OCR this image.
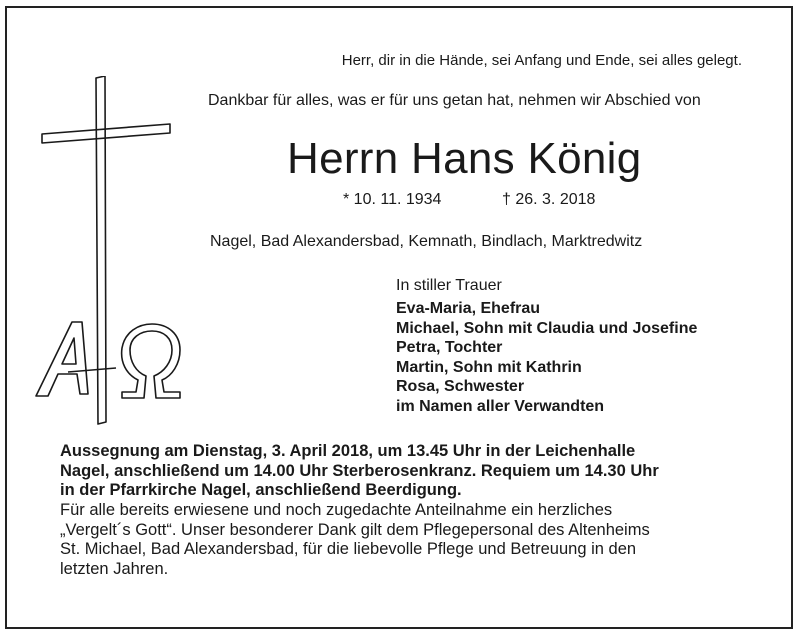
Herr, dir in die Hände, sei Anfang und Ende, sei alles gelegt.
Dankbar für alles, was er für uns getan hat, nehmen wir Abschied von
Herrn Hans König
* 10. 11. 1934	† 26. 3. 2018
Nagel, Bad Alexandersbad, Kemnath, Bindlach, Marktredwitz
In stiller Trauer
Eva-Maria, Ehefrau
Michael, Sohn mit Claudia und Josefine
Petra, Tochter
Martin, Sohn mit Kathrin
Rosa, Schwester
im Namen aller Verwandten
Aussegnung am Dienstag, 3. April 2018, um 13.45 Uhr in der Leichenhalle
Nagel, anschließend um 14.00 Uhr Sterberosenkranz. Requiem um 14.30 Uhr
in der Pfarrkirche Nagel, anschließend Beerdigung.
Für alle bereits erwiesene und noch zugedachte Anteilnahme ein herzliches
„Vergelt´s Gott“. Unser besonderer Dank gilt dem Pflegepersonal des Altenheims
St. Michael, Bad Alexandersbad, für die liebevolle Pflege und Betreuung in den
letzten Jahren.
